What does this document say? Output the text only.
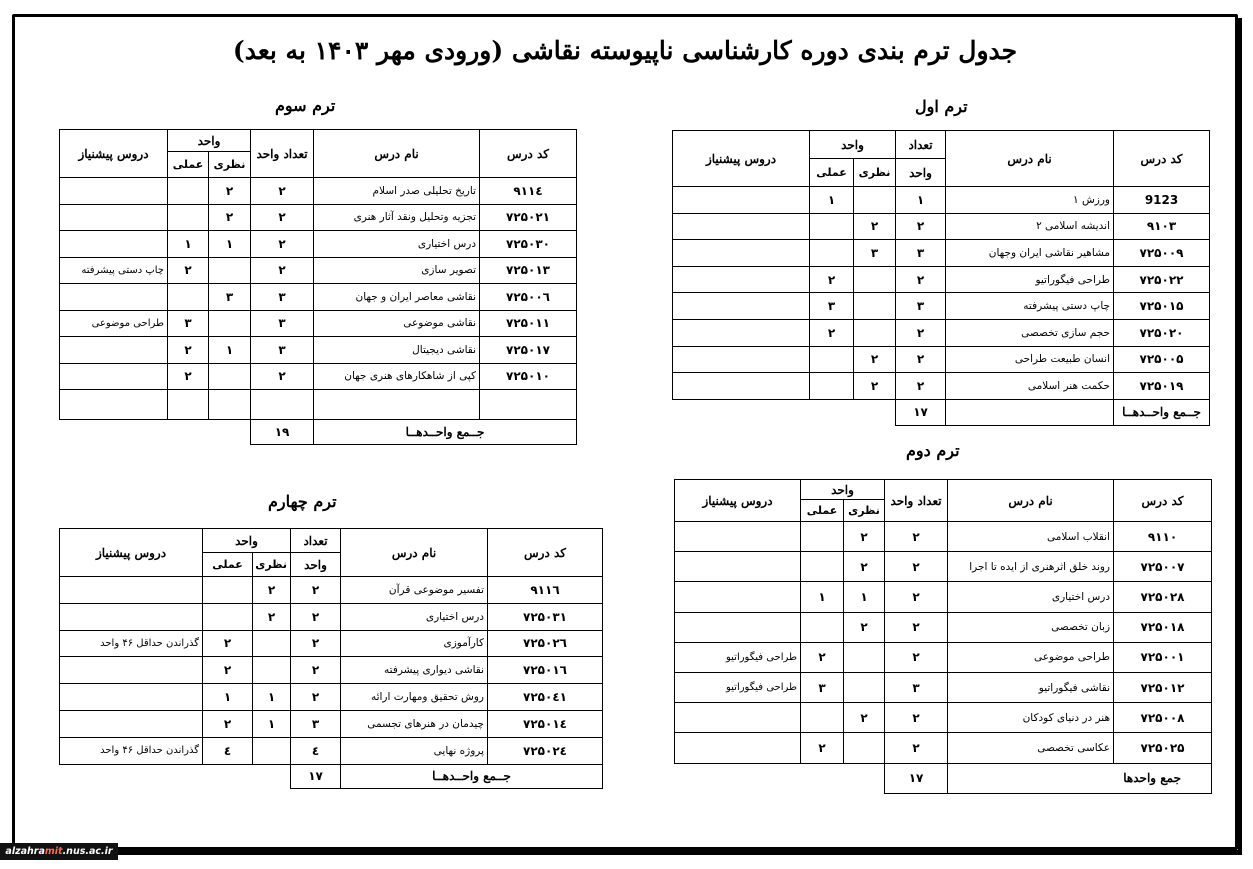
جدول ترم بندی دوره کارشناسی ناپیوسته نقاشی (ورودی مهر ۱۴۰۳ به بعد)
ترم اول
ترم دوم
ترم سوم
ترم چهارم
کد درس	نام درس	تعداد	واحد		دروس پیشنیاز
		واحد	نظری	عملی	
9123	ورزش ۱	۱		۱	
۹۱۰۳	اندیشه اسلامی ۲	۲	۲		
۷۲۵۰۰۹	مشاهیر نقاشی ایران وجهان	۳	۳		
۷۲۵۰۲۲	طراحی فیگوراتیو	۲		۲	
۷۲۵۰۱۵	چاپ دستی پیشرفته	۳		۳	
۷۲۵۰۲۰	حجم سازی تخصصی	۲		۲	
۷۲۵۰۰۵	انسان طبیعت طراحی	۲	۲		
۷۲۵۰۱۹	حکمت هنر اسلامی	۲	۲		
جــمع واحــدهــا		۱۷			
کد درس	نام درس	تعداد واحد	واحد		دروس پیشنیاز
			نظری	عملی	
۹۱۱۰	انقلاب اسلامی	۲	۲		
۷۲۵۰۰۷	روند خلق اثرهنری از ایده تا اجرا	۲	۲		
۷۲۵۰۲۸	درس اختیاری	۲	۱	۱	
۷۲۵۰۱۸	زبان تخصصی	۲	۲		
۷۲۵۰۰۱	طراحی موضوعی	۲		۲	طراحی فیگوراتیو
۷۲۵۰۱۲	نقاشی فیگوراتیو	۳		۳	طراحی فیگوراتیو
۷۲۵۰۰۸	هنر در دنیای کودکان	۲	۲		
۷۲۵۰۲۵	عکاسی تخصصی	۲		۲	
جمع واحدها		۱۷			
کد درس	نام درس	تعداد واحد	واحد		دروس پیشنیاز
			نظری	عملی	
۹۱۱٤	تاریخ تحلیلی صدر اسلام	۲	۲		
۷۲۵۰۲۱	تجزیه وتحلیل ونقد آثار هنری	۲	۲		
۷۲۵۰۳۰	درس اختیاری	۲	۱	۱	
۷۲۵۰۱۳	تصویر سازی	۲		۲	چاپ دستی پیشرفته
۷۲۵۰۰٦	نقاشی معاصر ایران و جهان	۳	۳		
۷۲۵۰۱۱	نقاشی موضوعی	۳		۳	طراحی موضوعی
۷۲۵۰۱۷	نقاشی دیجیتال	۳	۱	۲	
۷۲۵۰۱۰	کپی از شاهکارهای هنری جهان	۲		۲	

جــمع واحــدهــا		۱۹			
کد درس	نام درس	تعداد	واحد		دروس پیشنیاز
		واحد	نظری	عملی	
۹۱۱٦	تفسیر موضوعی قرآن	۲	۲		
۷۲۵۰۳۱	درس اختیاری	۲	۲		
۷۲۵۰۲٦	کارآموزی	۲		۲	گذراندن حداقل ۴۶ واحد
۷۲۵۰۱٦	نقاشی دیواری پیشرفته	۲		۲	
۷۲۵۰٤۱	روش تحقیق ومهارت ارائه	۲	۱	۱	
۷۲۵۰۱٤	چیدمان در هنرهای تجسمی	۳	۱	۲	
۷۲۵۰۲٤	پروژه نهایی	٤		٤	گذراندن حداقل ۴۶ واحد
جــمع واحــدهــا		۱۷			
alzahramit.nus.ac.ir
